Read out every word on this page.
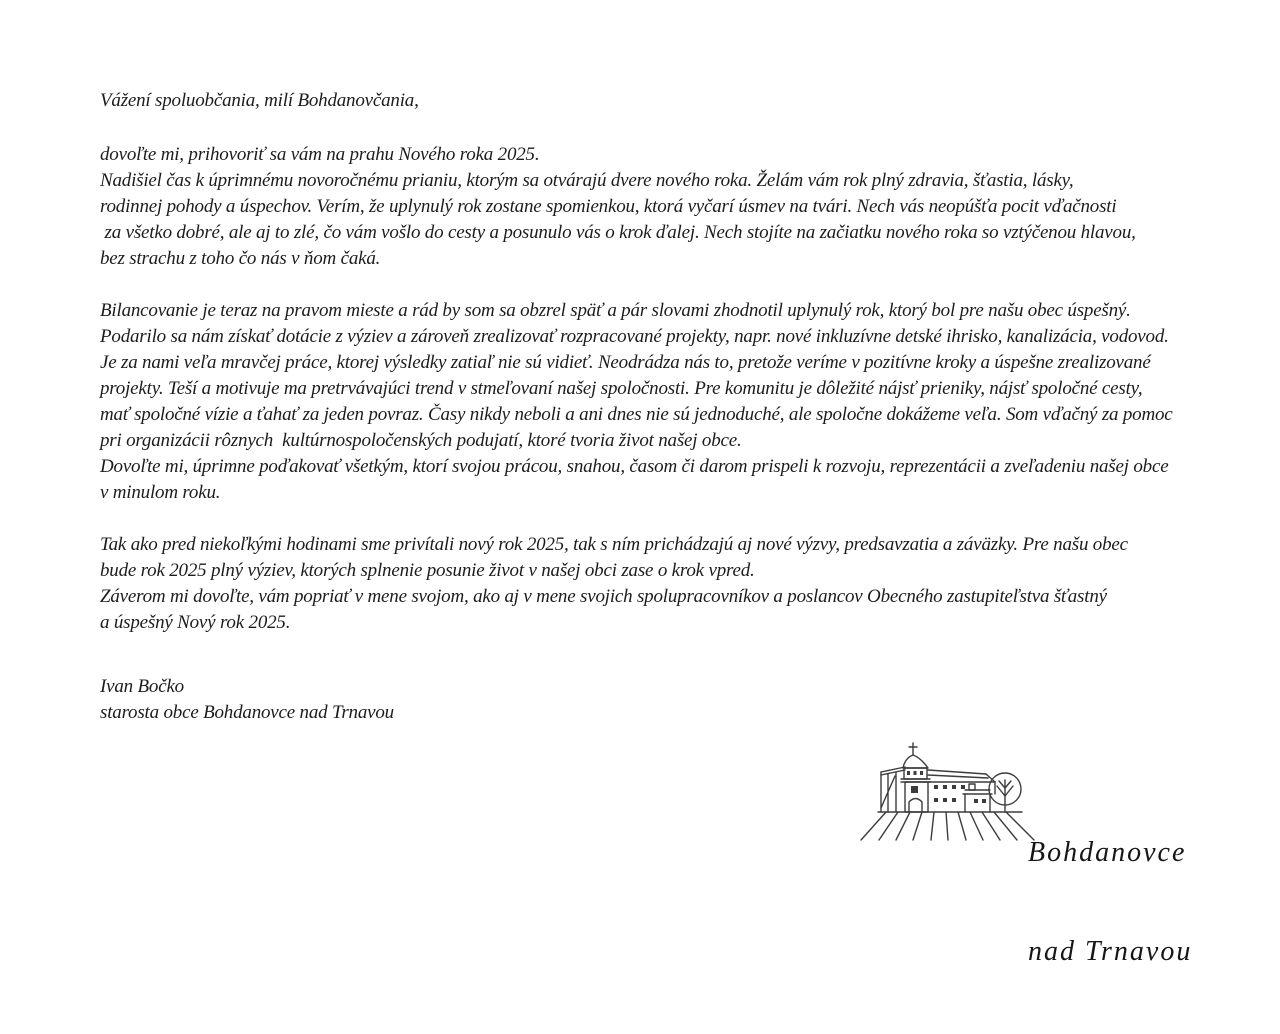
Vážení spoluobčania, milí Bohdanovčania,
dovoľte mi, prihovoriť sa vám na prahu Nového roka 2025.
Nadišiel čas k úprimnému novoročnému prianiu, ktorým sa otvárajú dvere nového roka. Želám vám rok plný zdravia, šťastia, lásky,
rodinnej pohody a úspechov. Verím, že uplynulý rok zostane spomienkou, ktorá vyčarí úsmev na tvári. Nech vás neopúšťa pocit vďačnosti
za všetko dobré, ale aj to zlé, čo vám vošlo do cesty a posunulo vás o krok ďalej. Nech stojíte na začiatku nového roka so vztýčenou hlavou,
bez strachu z toho čo nás v ňom čaká.
Bilancovanie je teraz na pravom mieste a rád by som sa obzrel späť a pár slovami zhodnotil uplynulý rok, ktorý bol pre našu obec úspešný.
Podarilo sa nám získať dotácie z výziev a zároveň zrealizovať rozpracované projekty, napr. nové inkluzívne detské ihrisko, kanalizácia, vodovod.
Je za nami veľa mravčej práce, ktorej výsledky zatiaľ nie sú vidieť. Neodrádza nás to, pretože veríme v pozitívne kroky a úspešne zrealizované
projekty. Teší a motivuje ma pretrvávajúci trend v stmeľovaní našej spoločnosti. Pre komunitu je dôležité nájsť prieniky, nájsť spoločné cesty,
mať spoločné vízie a ťahať za jeden povraz. Časy nikdy neboli a ani dnes nie sú jednoduché, ale spoločne dokážeme veľa. Som vďačný za pomoc
pri organizácii rôznych  kultúrnospoločenských podujatí, ktoré tvoria život našej obce.
Dovoľte mi, úprimne poďakovať všetkým, ktorí svojou prácou, snahou, časom či darom prispeli k rozvoju, reprezentácii a zveľadeniu našej obce
v minulom roku.
Tak ako pred niekoľkými hodinami sme privítali nový rok 2025, tak s ním prichádzajú aj nové výzvy, predsavzatia a záväzky. Pre našu obec
bude rok 2025 plný výziev, ktorých splnenie posunie život v našej obci zase o krok vpred.
Záverom mi dovoľte, vám popriať v mene svojom, ako aj v mene svojich spolupracovníkov a poslancov Obecného zastupiteľstva šťastný
a úspešný Nový rok 2025.
Ivan Bočko
starosta obce Bohdanovce nad Trnavou

Bohdanovce

nad Trnavou
